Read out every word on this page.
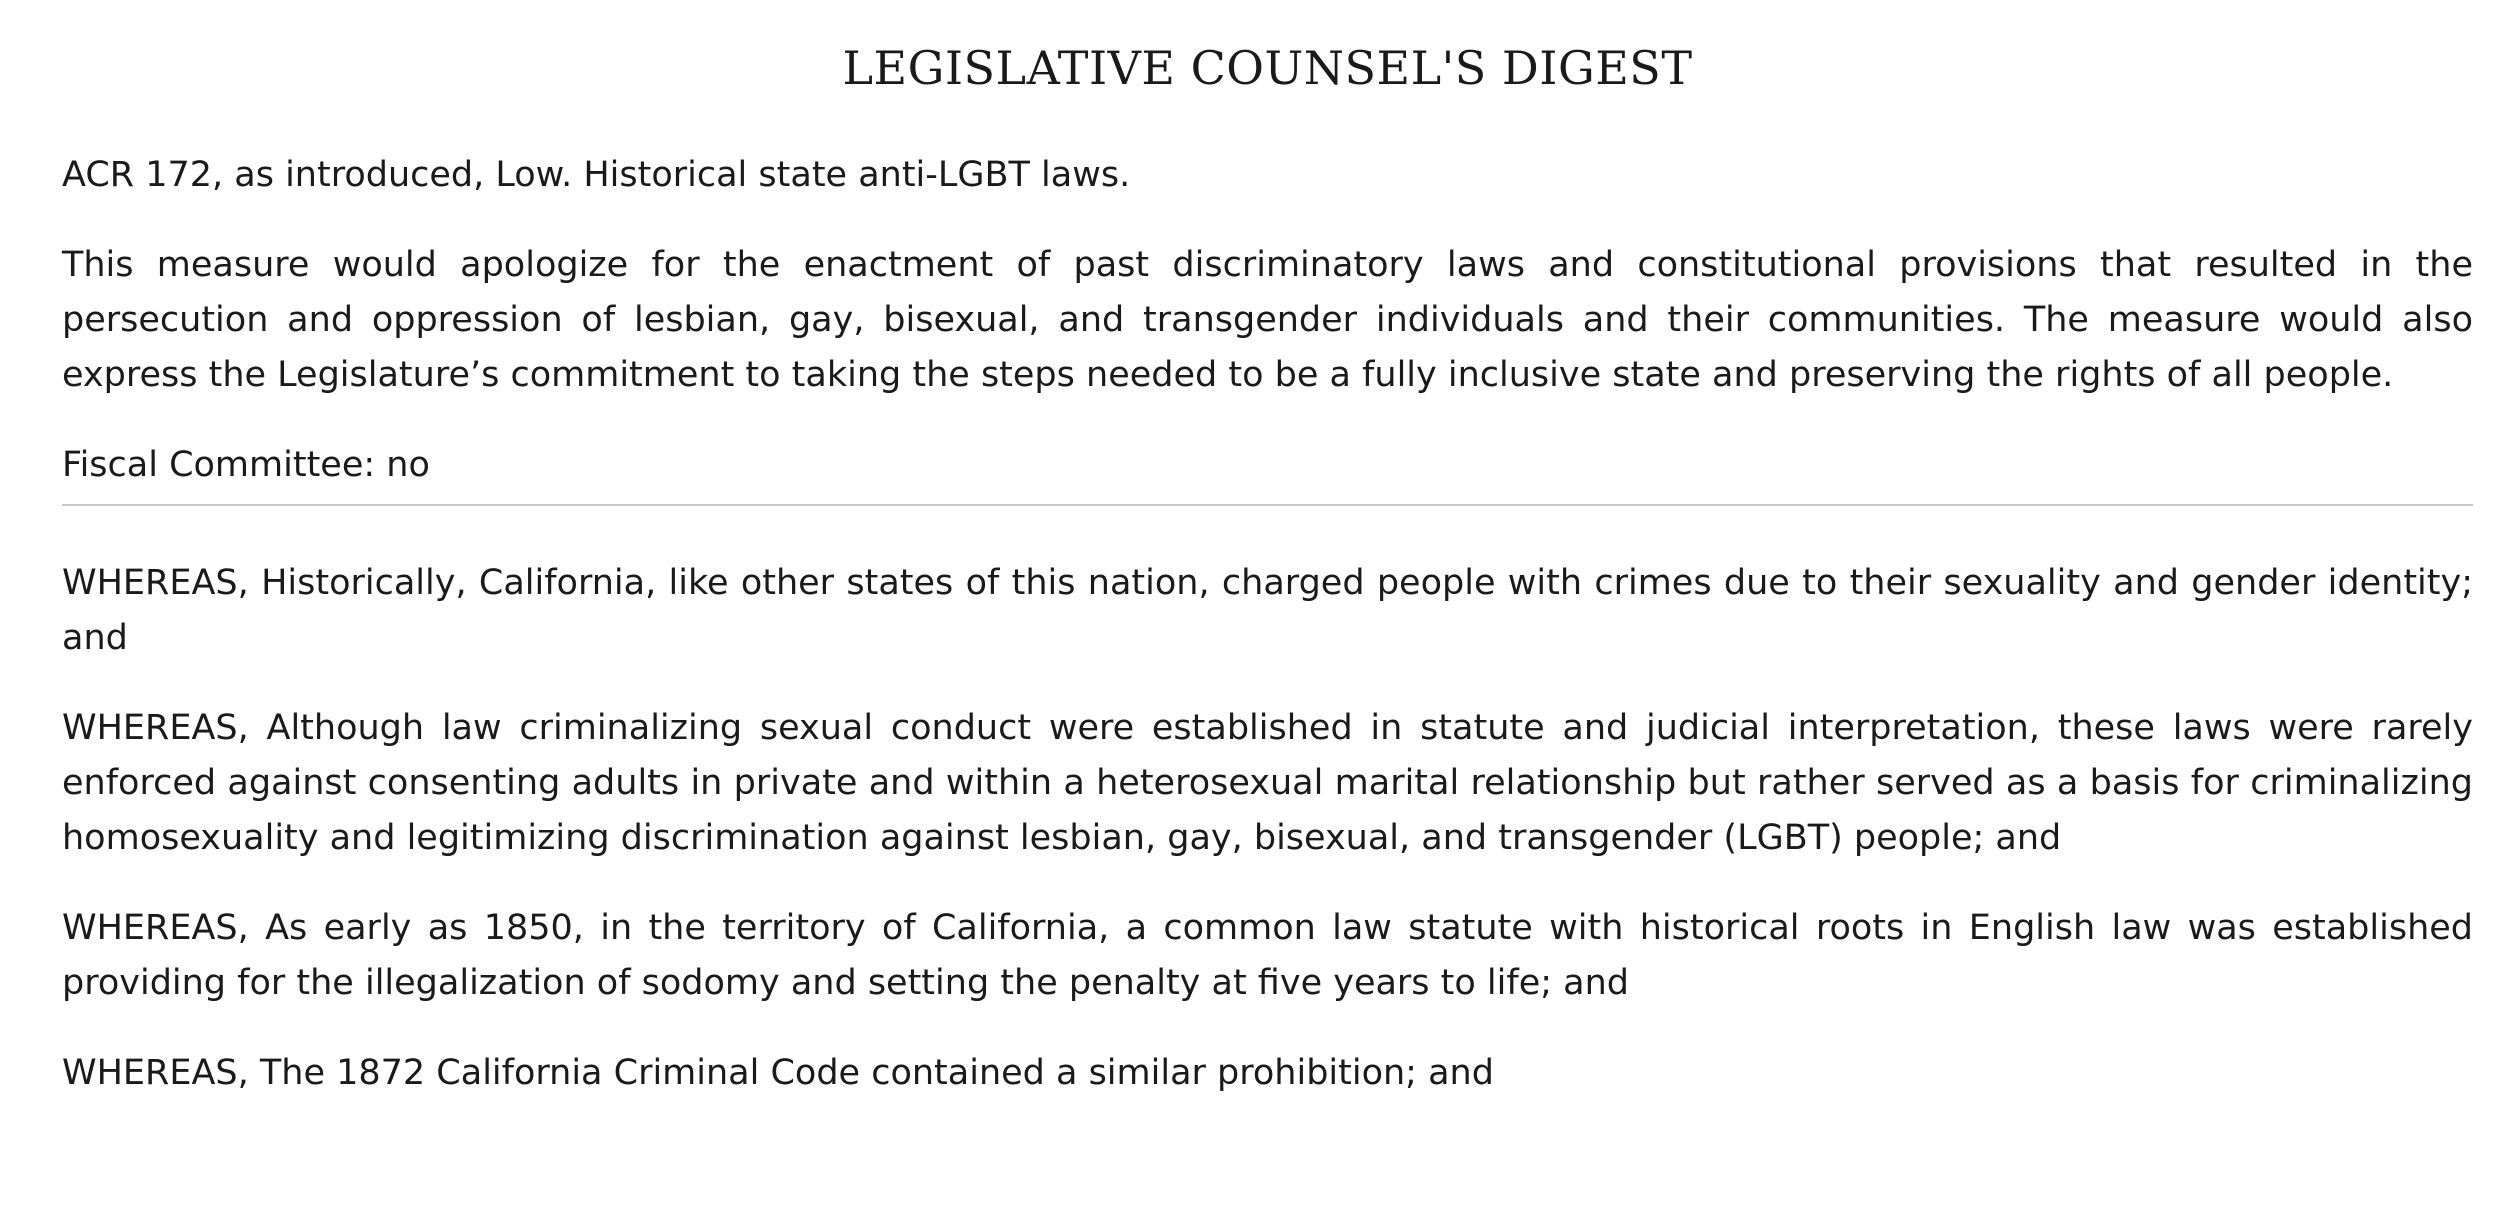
LEGISLATIVE COUNSEL'S DIGEST

ACR 172, as introduced, Low. Historical state anti-LGBT laws.

This measure would apologize for the enactment of past discriminatory laws and constitutional provisions that resulted in the persecution and oppression of lesbian, gay, bisexual, and transgender individuals and their communities. The measure would also express the Legislature’s commitment to taking the steps needed to be a fully inclusive state and preserving the rights of all people.

Fiscal Committee: no

WHEREAS, Historically, California, like other states of this nation, charged people with crimes due to their sexuality and gender identity; and

WHEREAS, Although law criminalizing sexual conduct were established in statute and judicial interpretation, these laws were rarely enforced against consenting adults in private and within a heterosexual marital relationship but rather served as a basis for criminalizing homosexuality and legitimizing discrimination against lesbian, gay, bisexual, and transgender (LGBT) people; and

WHEREAS, As early as 1850, in the territory of California, a common law statute with historical roots in English law was established providing for the illegalization of sodomy and setting the penalty at five years to life; and

WHEREAS, The 1872 California Criminal Code contained a similar prohibition; and
